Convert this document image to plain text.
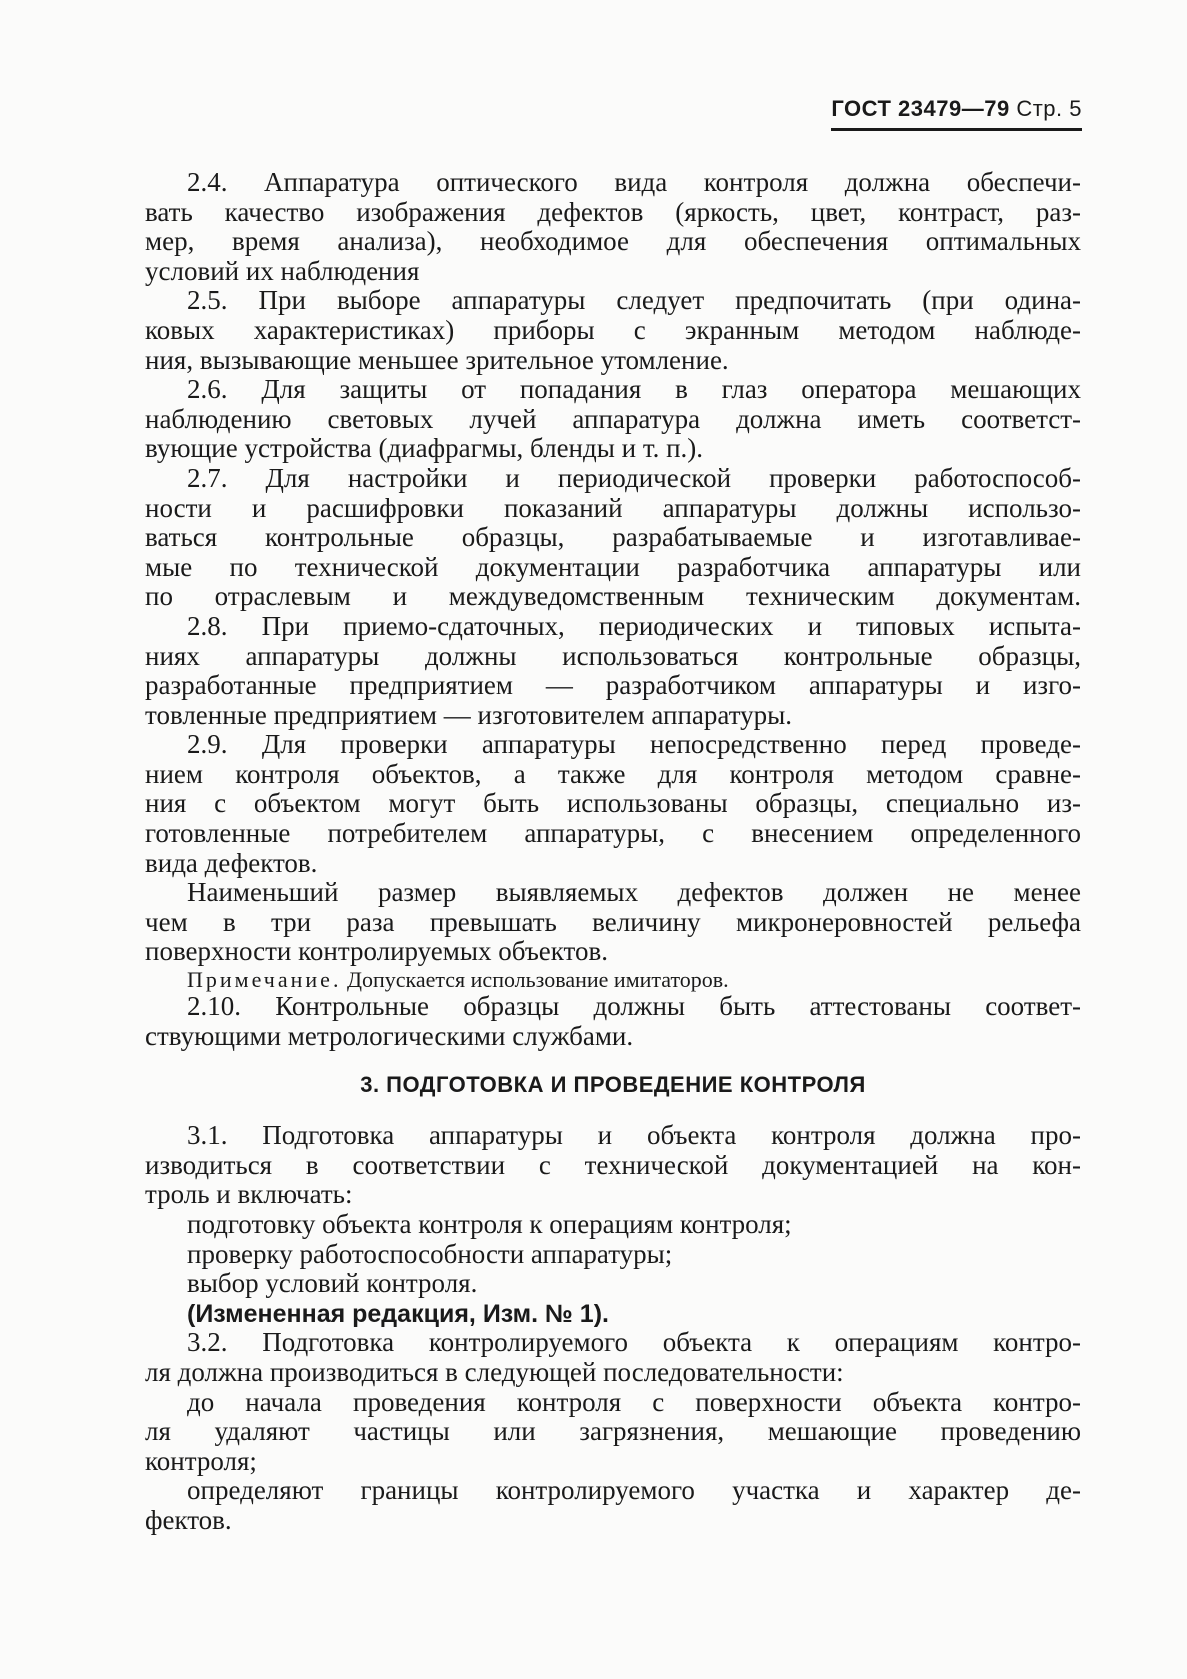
ГОСТ 23479—79 Стр. 5
2.4. Аппаратура оптического вида контроля должна обеспечи-
вать качество изображения дефектов (яркость, цвет, контраст, раз-
мер, время анализа), необходимое для обеспечения оптимальных
условий их наблюдения
2.5. При выборе аппаратуры следует предпочитать (при одина-
ковых характеристиках) приборы с экранным методом наблюде-
ния, вызывающие меньшее зрительное утомление.
2.6. Для защиты от попадания в глаз оператора мешающих
наблюдению световых лучей аппаратура должна иметь соответст-
вующие устройства (диафрагмы, бленды и т. п.).
2.7. Для настройки и периодической проверки работоспособ-
ности и расшифровки показаний аппаратуры должны использо-
ваться контрольные образцы, разрабатываемые и изготавливае-
мые по технической документации разработчика аппаратуры или
по отраслевым и междуведомственным техническим документам.
2.8. При приемо-сдаточных, периодических и типовых испыта-
ниях аппаратуры должны использоваться контрольные образцы,
разработанные предприятием — разработчиком аппаратуры и изго-
товленные предприятием — изготовителем аппаратуры.
2.9. Для проверки аппаратуры непосредственно перед проведе-
нием контроля объектов, а также для контроля методом сравне-
ния с объектом могут быть использованы образцы, специально из-
готовленные потребителем аппаратуры, с внесением определенного
вида дефектов.
Наименьший размер выявляемых дефектов должен не менее
чем в три раза превышать величину микронеровностей рельефа
поверхности контролируемых объектов.
Примечание. Допускается использование имитаторов.
2.10. Контрольные образцы должны быть аттестованы соответ-
ствующими метрологическими службами.
3. ПОДГОТОВКА И ПРОВЕДЕНИЕ КОНТРОЛЯ
3.1. Подготовка аппаратуры и объекта контроля должна про-
изводиться в соответствии с технической документацией на кон-
троль и включать:
подготовку объекта контроля к операциям контроля;
проверку работоспособности аппаратуры;
выбор условий контроля.
(Измененная редакция, Изм. № 1).
3.2. Подготовка контролируемого объекта к операциям контро-
ля должна производиться в следующей последовательности:
до начала проведения контроля с поверхности объекта контро-
ля удаляют частицы или загрязнения, мешающие проведению
контроля;
определяют границы контролируемого участка и характер де-
фектов.
